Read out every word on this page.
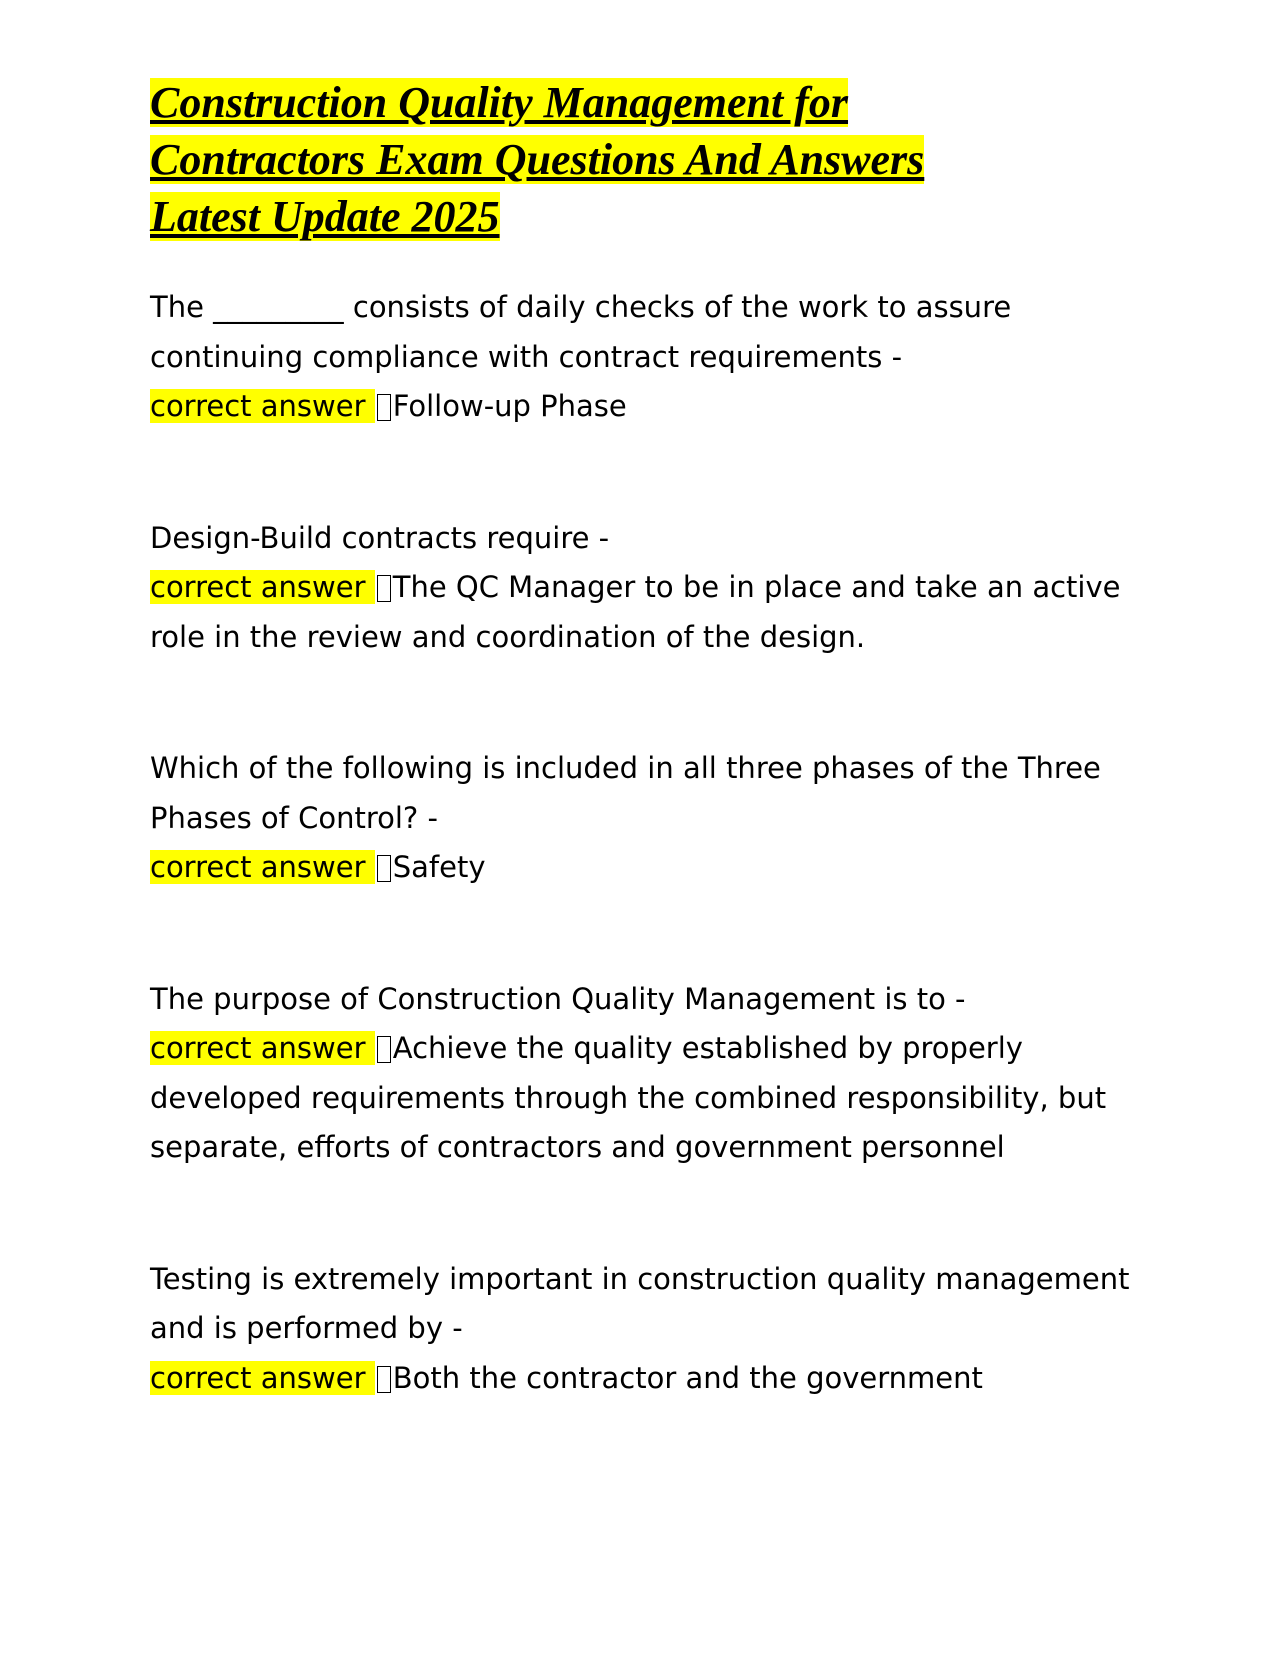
Construction Quality Management for
Contractors Exam Questions And Answers
Latest Update 2025

The _________ consists of daily checks of the work to assure continuing compliance with contract requirements -
correct answer Follow-up Phase

Design-Build contracts require -
correct answer The QC Manager to be in place and take an active role in the review and coordination of the design.

Which of the following is included in all three phases of the Three Phases of Control? -
correct answer Safety

The purpose of Construction Quality Management is to -
correct answer Achieve the quality established by properly developed requirements through the combined responsibility, but separate, efforts of contractors and government personnel

Testing is extremely important in construction quality management and is performed by -
correct answer Both the contractor and the government
